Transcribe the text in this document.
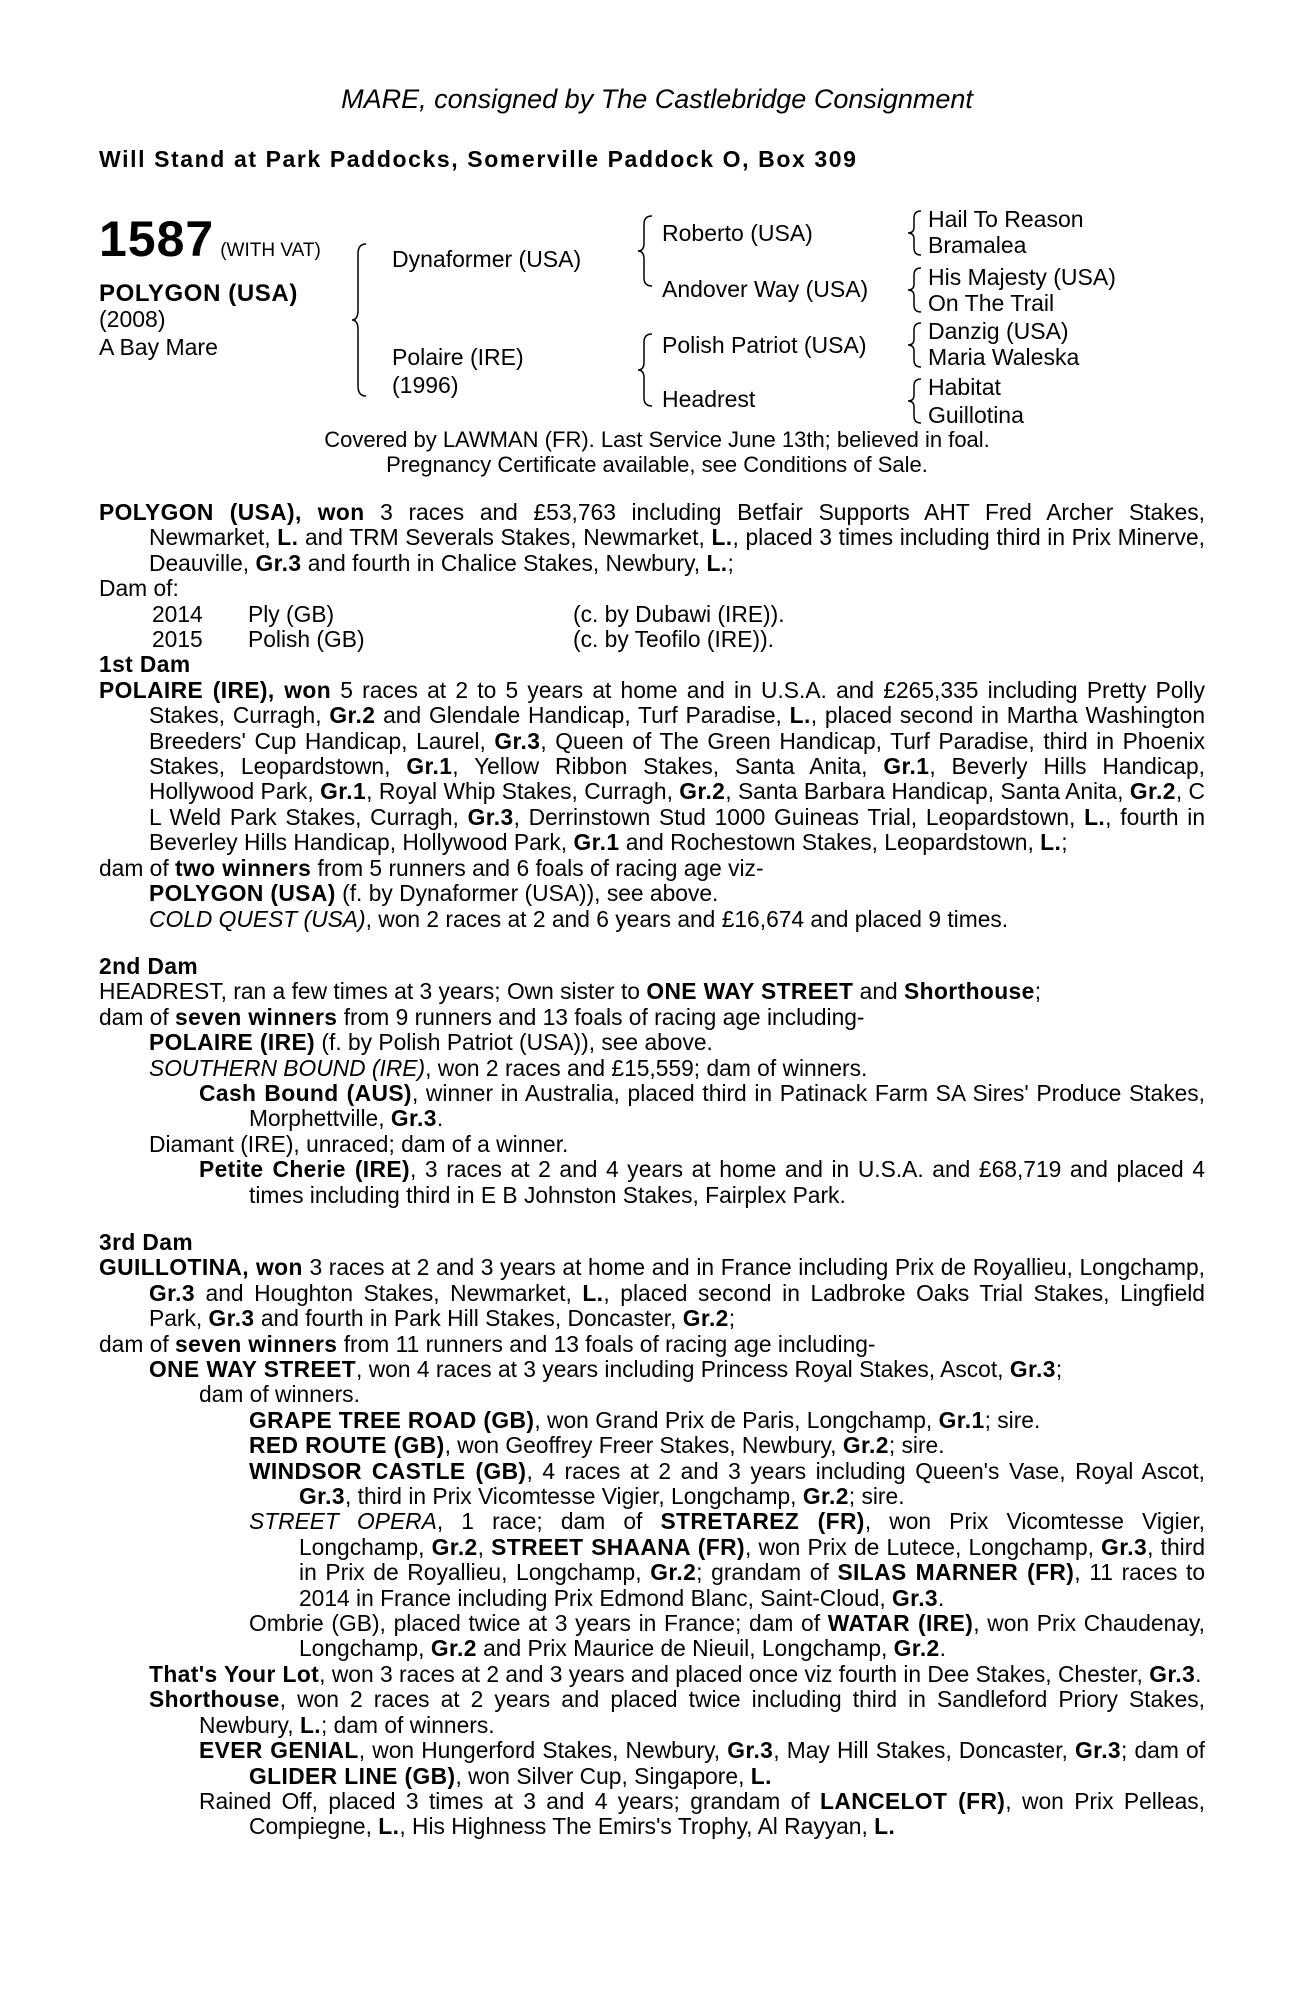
MARE, consigned by The Castlebridge Consignment
Will Stand at Park Paddocks, Somerville Paddock O, Box 309
1587 (WITH VAT)
POLYGON (USA)
(2008)
A Bay Mare
Dynaformer (USA)
Polaire (IRE)
(1996)
Roberto (USA)
Andover Way (USA)
Polish Patriot (USA)
Headrest
Hail To Reason
Bramalea
His Majesty (USA)
On The Trail
Danzig (USA)
Maria Waleska
Habitat
Guillotina
Covered by LAWMAN (FR). Last Service June 13th; believed in foal.
Pregnancy Certificate available, see Conditions of Sale.

POLYGON (USA), won 3 races and £53,763 including Betfair Supports AHT Fred Archer Stakes, Newmarket, L. and TRM Severals Stakes, Newmarket, L., placed 3 times including third in Prix Minerve, Deauville, Gr.3 and fourth in Chalice Stakes, Newbury, L.;

Dam of:

2014	Ply (GB)	(c. by Dubawi (IRE)).
2015	Polish (GB)	(c. by Teofilo (IRE)).

1st Dam

POLAIRE (IRE), won 5 races at 2 to 5 years at home and in U.S.A. and £265,335 including Pretty Polly Stakes, Curragh, Gr.2 and Glendale Handicap, Turf Paradise, L., placed second in Martha Washington Breeders' Cup Handicap, Laurel, Gr.3, Queen of The Green Handicap, Turf Paradise, third in Phoenix Stakes, Leopardstown, Gr.1, Yellow Ribbon Stakes, Santa Anita, Gr.1, Beverly Hills Handicap, Hollywood Park, Gr.1, Royal Whip Stakes, Curragh, Gr.2, Santa Barbara Handicap, Santa Anita, Gr.2, C L Weld Park Stakes, Curragh, Gr.3, Derrinstown Stud 1000 Guineas Trial, Leopardstown, L., fourth in Beverley Hills Handicap, Hollywood Park, Gr.1 and Rochestown Stakes, Leopardstown, L.;

dam of two winners from 5 runners and 6 foals of racing age viz-

POLYGON (USA) (f. by Dynaformer (USA)), see above.

COLD QUEST (USA), won 2 races at 2 and 6 years and £16,674 and placed 9 times.

2nd Dam

HEADREST, ran a few times at 3 years; Own sister to ONE WAY STREET and Shorthouse;

dam of seven winners from 9 runners and 13 foals of racing age including-

POLAIRE (IRE) (f. by Polish Patriot (USA)), see above.

SOUTHERN BOUND (IRE), won 2 races and £15,559; dam of winners.

Cash Bound (AUS), winner in Australia, placed third in Patinack Farm SA Sires' Produce Stakes, Morphettville, Gr.3.

Diamant (IRE), unraced; dam of a winner.

Petite Cherie (IRE), 3 races at 2 and 4 years at home and in U.S.A. and £68,719 and placed 4 times including third in E B Johnston Stakes, Fairplex Park.

3rd Dam

GUILLOTINA, won 3 races at 2 and 3 years at home and in France including Prix de Royallieu, Longchamp, Gr.3 and Houghton Stakes, Newmarket, L., placed second in Ladbroke Oaks Trial Stakes, Lingfield Park, Gr.3 and fourth in Park Hill Stakes, Doncaster, Gr.2;

dam of seven winners from 11 runners and 13 foals of racing age including-

ONE WAY STREET, won 4 races at 3 years including Princess Royal Stakes, Ascot, Gr.3;

dam of winners.

GRAPE TREE ROAD (GB), won Grand Prix de Paris, Longchamp, Gr.1; sire.

RED ROUTE (GB), won Geoffrey Freer Stakes, Newbury, Gr.2; sire.

WINDSOR CASTLE (GB), 4 races at 2 and 3 years including Queen's Vase, Royal Ascot, Gr.3, third in Prix Vicomtesse Vigier, Longchamp, Gr.2; sire.

STREET OPERA, 1 race; dam of STRETAREZ (FR), won Prix Vicomtesse Vigier, Longchamp, Gr.2, STREET SHAANA (FR), won Prix de Lutece, Longchamp, Gr.3, third in Prix de Royallieu, Longchamp, Gr.2; grandam of SILAS MARNER (FR), 11 races to 2014 in France including Prix Edmond Blanc, Saint-Cloud, Gr.3.

Ombrie (GB), placed twice at 3 years in France; dam of WATAR (IRE), won Prix Chaudenay, Longchamp, Gr.2 and Prix Maurice de Nieuil, Longchamp, Gr.2.

That's Your Lot, won 3 races at 2 and 3 years and placed once viz fourth in Dee Stakes, Chester, Gr.3.

Shorthouse, won 2 races at 2 years and placed twice including third in Sandleford Priory Stakes, Newbury, L.; dam of winners.

EVER GENIAL, won Hungerford Stakes, Newbury, Gr.3, May Hill Stakes, Doncaster, Gr.3; dam of GLIDER LINE (GB), won Silver Cup, Singapore, L.

Rained Off, placed 3 times at 3 and 4 years; grandam of LANCELOT (FR), won Prix Pelleas, Compiegne, L., His Highness The Emirs's Trophy, Al Rayyan, L.
